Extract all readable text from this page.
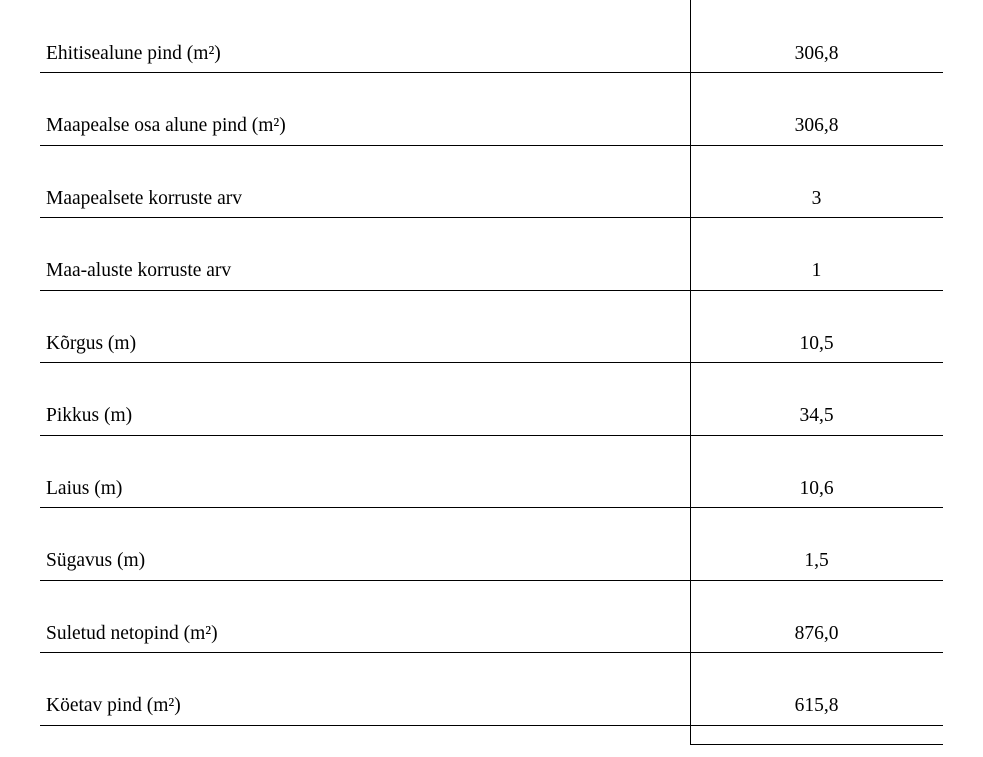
Ehitisealune pind (m²)	306,8
Maapealse osa alune pind (m²)	306,8
Maapealsete korruste arv	3
Maa-aluste korruste arv	1
Kõrgus (m)	10,5
Pikkus (m)	34,5
Laius (m)	10,6
Sügavus (m)	1,5
Suletud netopind (m²)	876,0
Köetav pind (m²)	615,8
